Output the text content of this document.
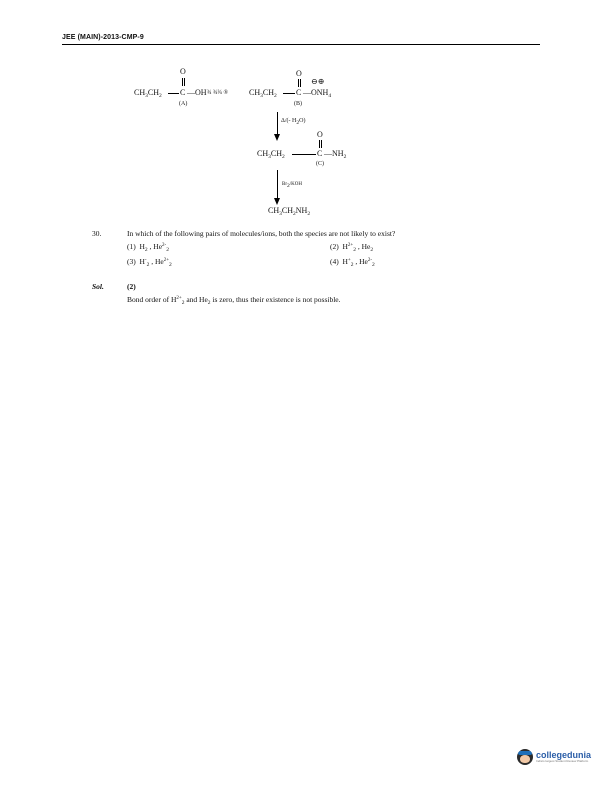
JEE (MAIN)-2013-CMP-9
O
$CH_3CH_2$ C —OH
(A)
¾ ¾¾ ®
O
⊖⊕
$CH_3CH_2$ C $—ONH_4$
(B)
Δ/(- $H_2O$)
O
$CH_3CH_2$	C $—NH_2$
(C)
$Br_2$/KOH
$CH_3CH_2NH_2$
30.	In which of the following pairs of molecules/ions, both the species are not likely to exist?
(1) $H_2$ , $He^{2-}_2$	(2) $H^{2+}_2$ , $He_2$
(3) $H^-_2$ , $He^{2+}_2$	(4) $H^+_2$ , $He^{2-}_2$
Sol.	(2)
Bond order of $H^{2+}_2$ and $He_2$ is zero, thus their existence is not possible.
collegedunia
India's largest Student Review Platform
